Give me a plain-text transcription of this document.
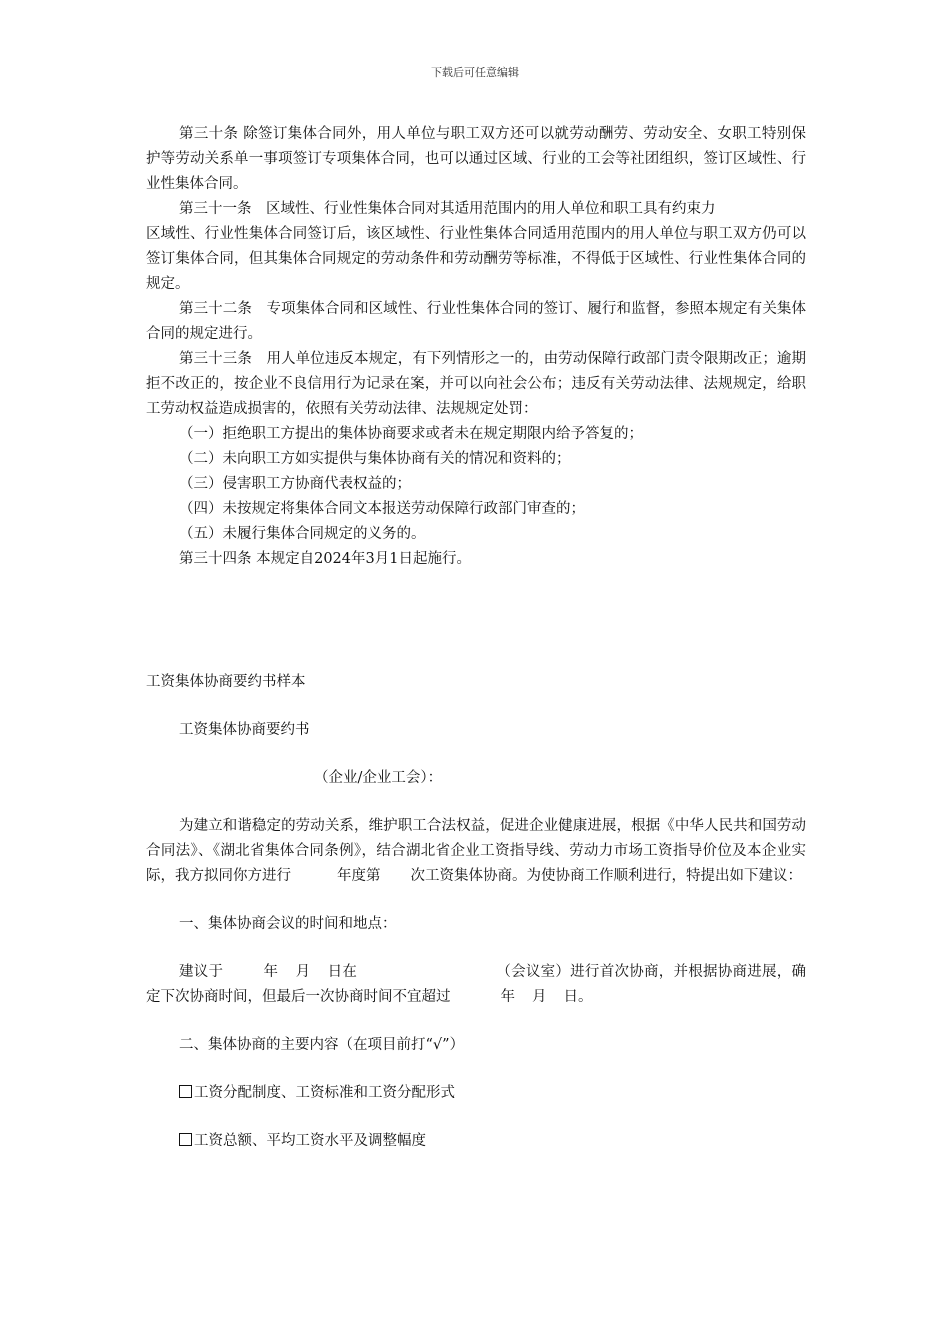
下载后可任意编辑

第三十条 除签订集体合同外，用人单位与职工双方还可以就劳动酬劳、劳动安全、女职工特别保护等劳动关系单一事项签订专项集体合同，也可以通过区域、行业的工会等社团组织，签订区域性、行业性集体合同。

第三十一条　区域性、行业性集体合同对其适用范围内的用人单位和职工具有约束力

区域性、行业性集体合同签订后，该区域性、行业性集体合同适用范围内的用人单位与职工双方仍可以签订集体合同，但其集体合同规定的劳动条件和劳动酬劳等标准，不得低于区域性、行业性集体合同的规定。

第三十二条　专项集体合同和区域性、行业性集体合同的签订、履行和监督，参照本规定有关集体合同的规定进行。

第三十三条　用人单位违反本规定，有下列情形之一的，由劳动保障行政部门责令限期改正；逾期拒不改正的，按企业不良信用行为记录在案，并可以向社会公布；违反有关劳动法律、法规规定，给职工劳动权益造成损害的，依照有关劳动法律、法规规定处罚：

（一）拒绝职工方提出的集体协商要求或者未在规定期限内给予答复的；

（二）未向职工方如实提供与集体协商有关的情况和资料的；

（三）侵害职工方协商代表权益的；

（四）未按规定将集体合同文本报送劳动保障行政部门审查的；

（五）未履行集体合同规定的义务的。

第三十四条 本规定自2024年3月1日起施行。

工资集体协商要约书样本

工资集体协商要约书

（企业/企业工会）：

为建立和谐稳定的劳动关系，维护职工合法权益，促进企业健康进展，根据《中华人民共和国劳动合同法》、《湖北省集体合同条例》，结合湖北省企业工资指导线、劳动力市场工资指导价位及本企业实际，我方拟同你方进行	年度第 次工资集体协商。为使协商工作顺利进行，特提出如下建议：

一、集体协商会议的时间和地点：

建议于	年 月 日在	（会议室）进行首次协商，并根据协商进展，确定下次协商时间，但最后一次协商时间不宜超过	年 月 日。

二、集体协商的主要内容（在项目前打“√”）

工资分配制度、工资标准和工资分配形式

工资总额、平均工资水平及调整幅度
